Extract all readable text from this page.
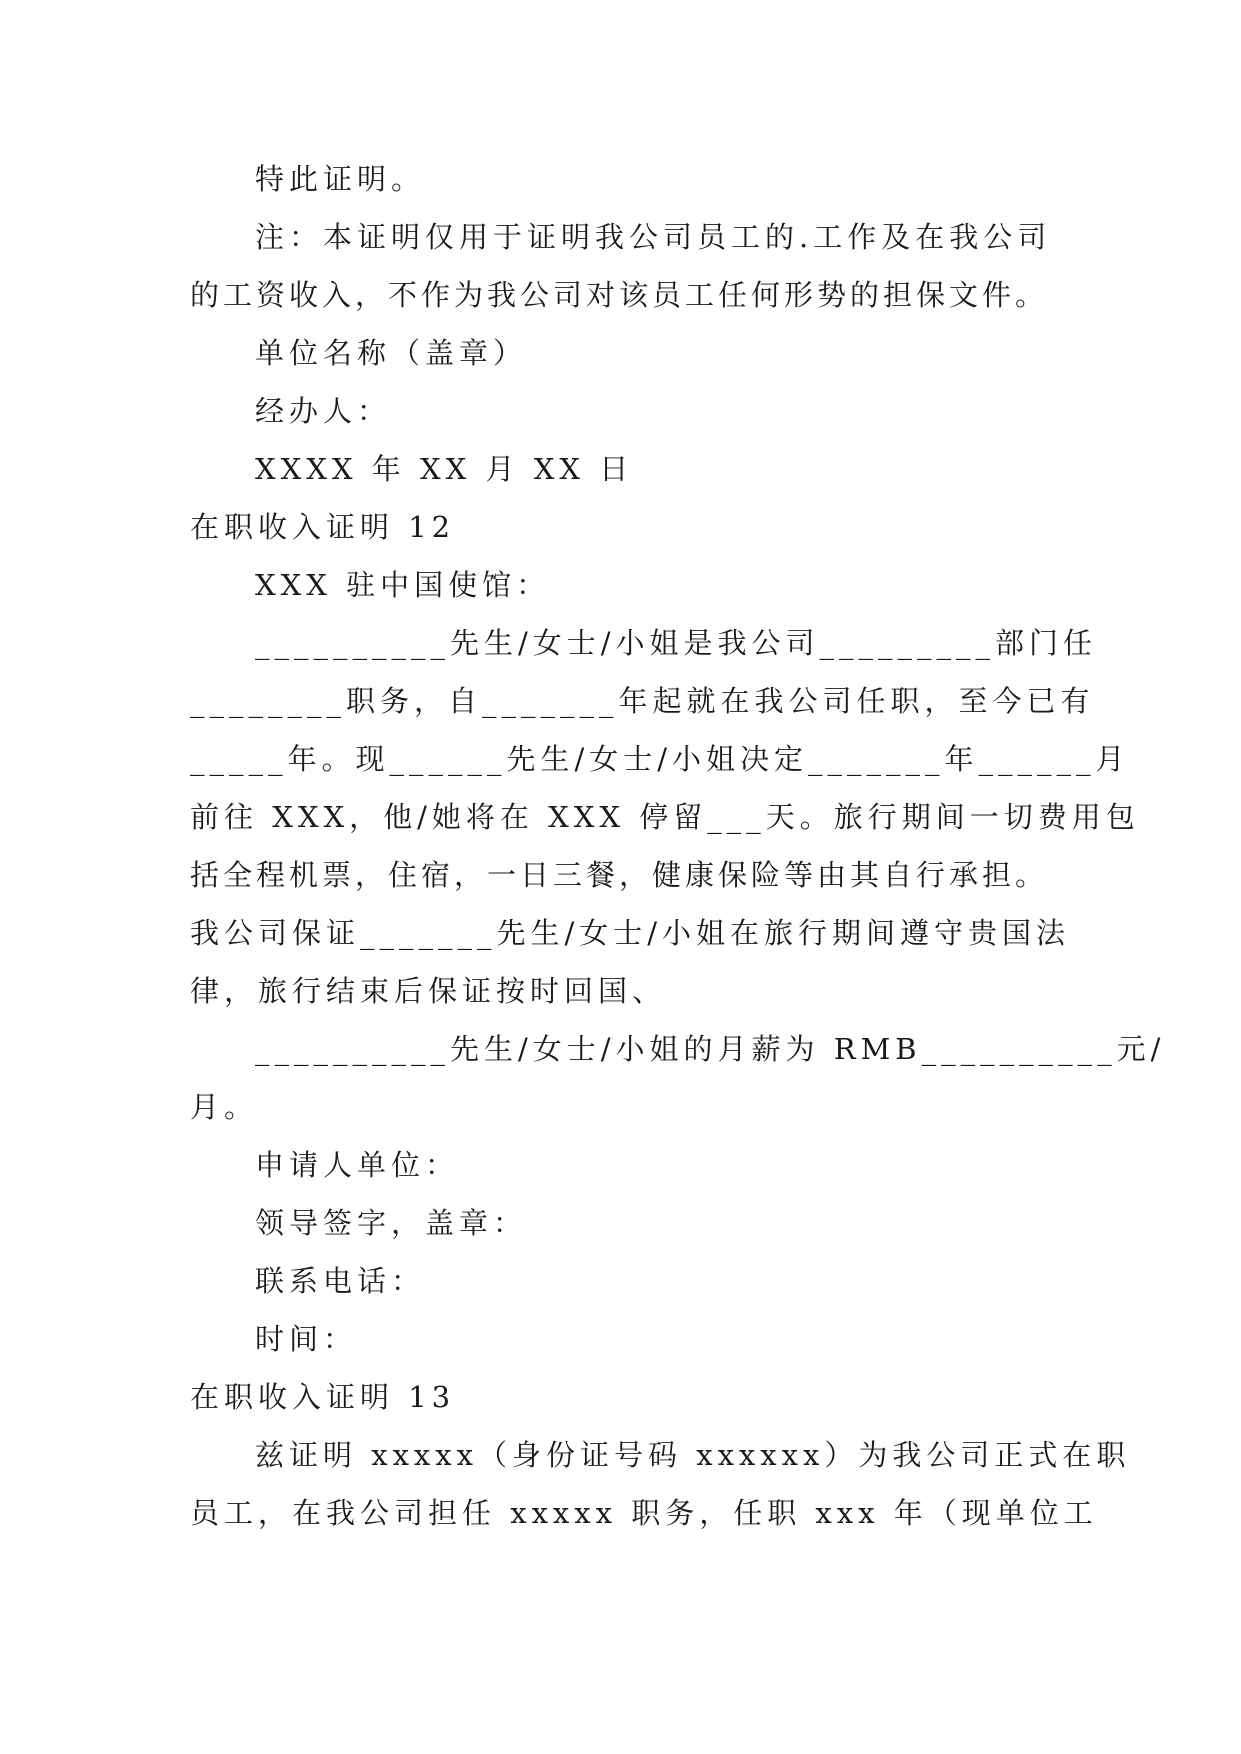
特此证明。
注：本证明仅用于证明我公司员工的.工作及在我公司
的工资收入，不作为我公司对该员工任何形势的担保文件。
单位名称（盖章）
经办人：
XXXX 年 XX 月 XX 日
在职收入证明 12
XXX 驻中国使馆：
__________先生/女士/小姐是我公司_________部门任
________职务，自_______年起就在我公司任职，至今已有
_____年。现______先生/女士/小姐决定_______年______月
前往 XXX，他/她将在 XXX 停留___天。旅行期间一切费用包
括全程机票，住宿，一日三餐，健康保险等由其自行承担。
我公司保证_______先生/女士/小姐在旅行期间遵守贵国法
律，旅行结束后保证按时回国、
__________先生/女士/小姐的月薪为 RMB__________元/
月。
申请人单位：
领导签字，盖章：
联系电话：
时间：
在职收入证明 13
兹证明 xxxxx（身份证号码 xxxxxx）为我公司正式在职
员工，在我公司担任 xxxxx 职务，任职 xxx 年（现单位工
